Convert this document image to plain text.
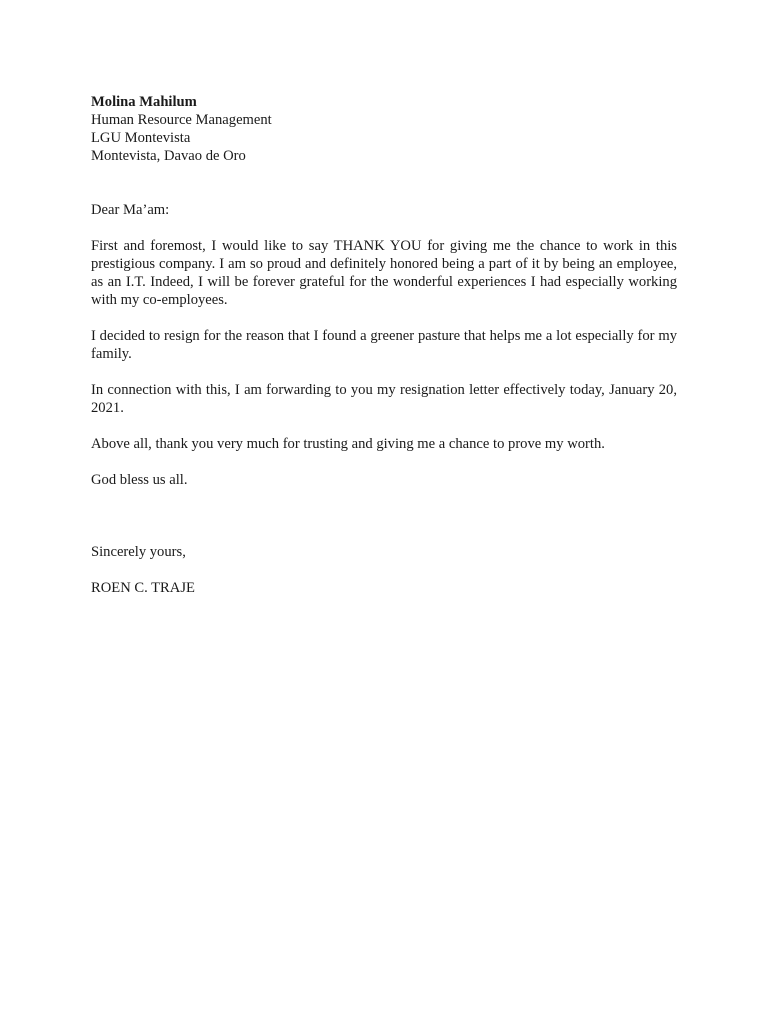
Molina Mahilum
Human Resource Management
LGU Montevista
Montevista, Davao de Oro
Dear Ma’am:
First and foremost, I would like to say THANK YOU for giving me the chance to work in this prestigious company. I am so proud and definitely honored being a part of it by being an employee, as an I.T. Indeed, I will be forever grateful for the wonderful experiences I had especially working with my co-employees.
I decided to resign for the reason that I found a greener pasture that helps me a lot especially for my family.
In connection with this, I am forwarding to you my resignation letter effectively today, January 20, 2021.
Above all, thank you very much for trusting and giving me a chance to prove my worth.
God bless us all.
Sincerely yours,
ROEN C. TRAJE
